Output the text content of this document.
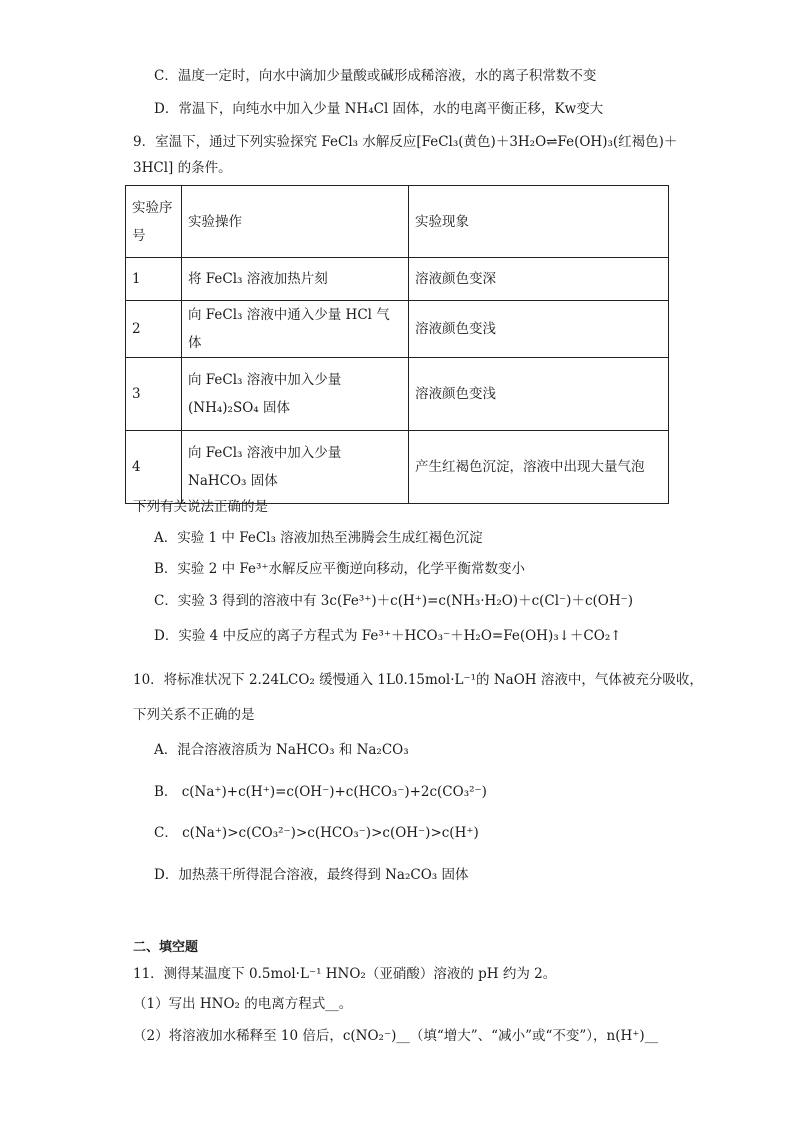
C．温度一定时，向水中滴加少量酸或碱形成稀溶液，水的离子积常数不变
D．常温下，向纯水中加入少量 NH₄Cl 固体，水的电离平衡正移，Kw变大
9．室温下，通过下列实验探究 FeCl₃ 水解反应[FeCl₃(黄色)＋3H₂O⇌Fe(OH)₃(红褐色)＋
3HCl] 的条件。
实验序号	实验操作	实验现象
1	将 FeCl₃ 溶液加热片刻	溶液颜色变深
2	向 FeCl₃ 溶液中通入少量 HCl 气体	溶液颜色变浅
3	向 FeCl₃ 溶液中加入少量(NH₄)₂SO₄ 固体	溶液颜色变浅
4	向 FeCl₃ 溶液中加入少量 NaHCO₃ 固体	产生红褐色沉淀，溶液中出现大量气泡
下列有关说法正确的是
A．实验 1 中 FeCl₃ 溶液加热至沸腾会生成红褐色沉淀
B．实验 2 中 Fe³⁺水解反应平衡逆向移动，化学平衡常数变小
C．实验 3 得到的溶液中有 3c(Fe³⁺)＋c(H⁺)=c(NH₃·H₂O)＋c(Cl⁻)＋c(OH⁻)
D．实验 4 中反应的离子方程式为 Fe³⁺＋HCO₃⁻＋H₂O=Fe(OH)₃↓＋CO₂↑
10．将标准状况下 2.24LCO₂ 缓慢通入 1L0.15mol·L⁻¹的 NaOH 溶液中，气体被充分吸收，
下列关系不正确的是
A．混合溶液溶质为 NaHCO₃ 和 Na₂CO₃
B． c(Na⁺)+c(H⁺)=c(OH⁻)+c(HCO₃⁻)+2c(CO₃²⁻)
C． c(Na⁺)>c(CO₃²⁻)>c(HCO₃⁻)>c(OH⁻)>c(H⁺)
D．加热蒸干所得混合溶液，最终得到 Na₂CO₃ 固体
二、填空题
11．测得某温度下 0.5mol·L⁻¹ HNO₂（亚硝酸）溶液的 pH 约为 2。
（1）写出 HNO₂ 的电离方程式__。
（2）将溶液加水稀释至 10 倍后，c(NO₂⁻)__（填“增大”、“减小”或“不变”），n(H⁺)__
